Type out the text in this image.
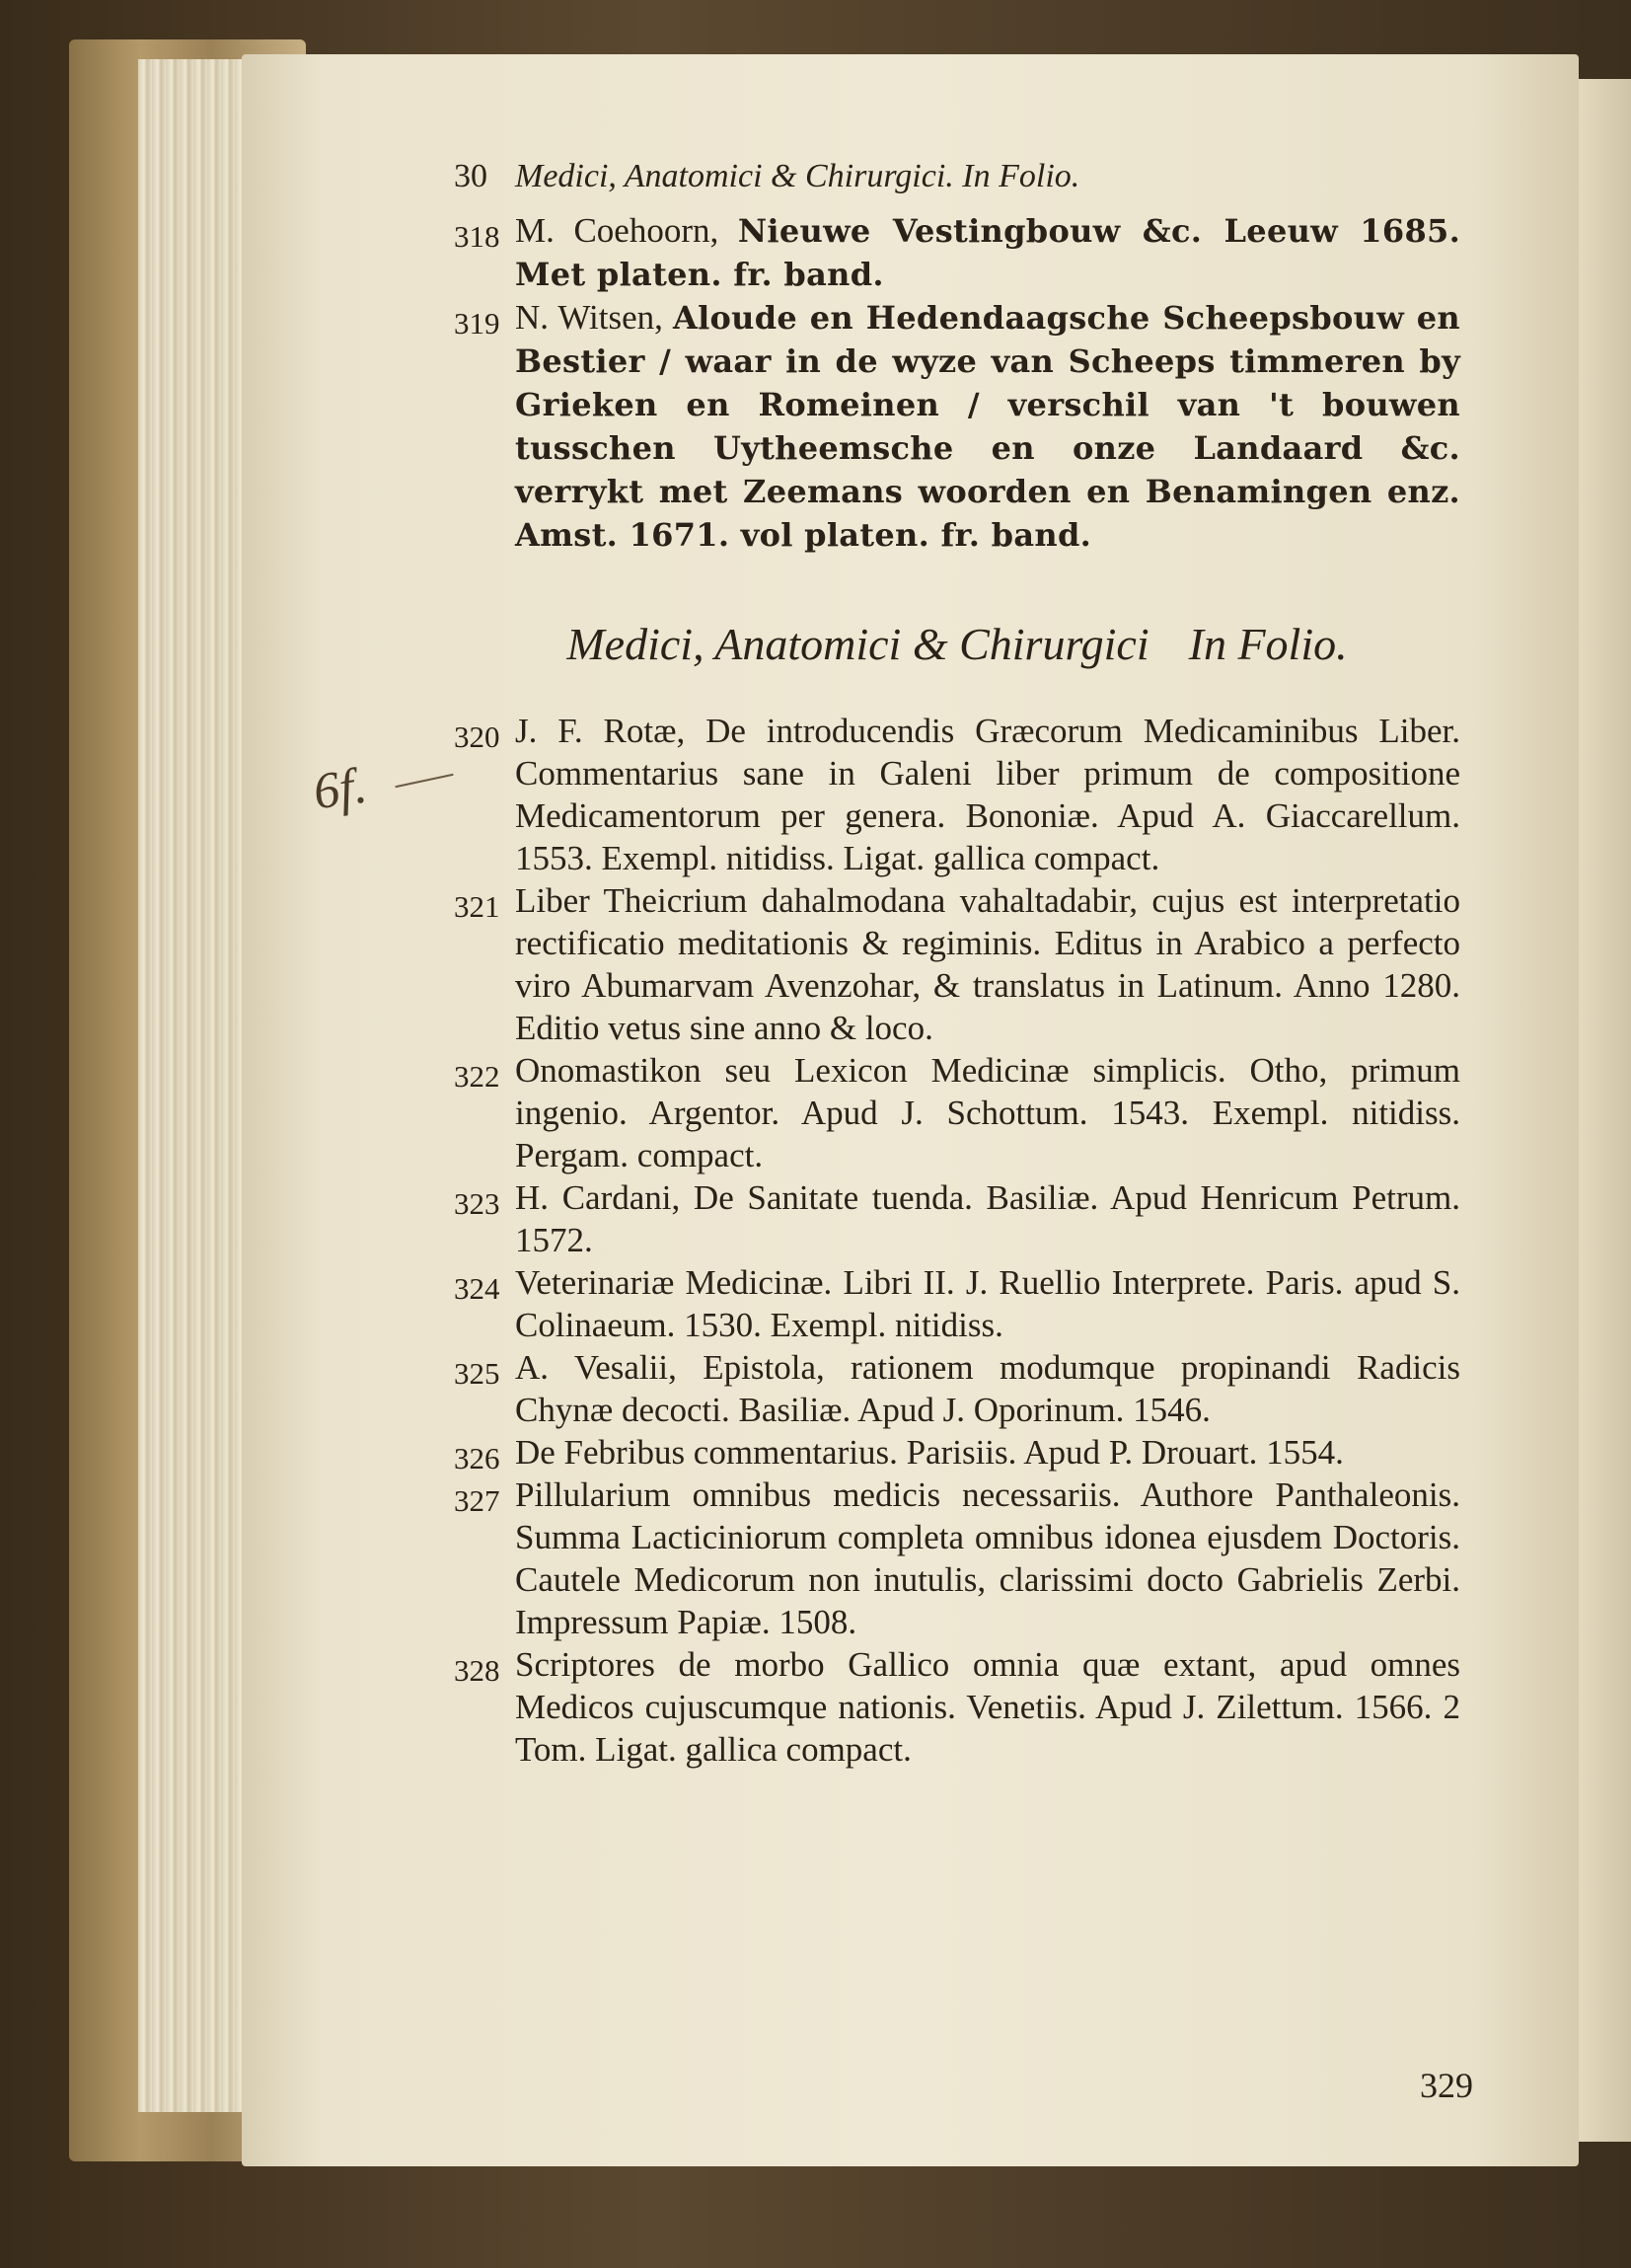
6f.
30 Medici, Anatomici & Chirurgici. In Folio.
318 M. Coehoorn, Nieuwe Vestingbouw &c. Leeuw 1685. Met platen. fr. band.
319 N. Witsen, Aloude en Hedendaagsche Scheepsbouw en Bestier / waar in de wyze van Scheeps timmeren by Grieken en Romeinen / verschil van 't bouwen tusschen Uytheemsche en onze Landaard &c. verrykt met Zeemans woorden en Benamingen enz. Amst. 1671. vol platen. fr. band.
Medici, Anatomici & Chirurgici In Folio.
320 J. F. Rotæ, De introducendis Græcorum Medicaminibus Liber. Commentarius sane in Galeni liber primum de compositione Medicamentorum per genera. Bononiæ. Apud A. Giaccarellum. 1553. Exempl. nitidiss. Ligat. gallica compact.
321 Liber Theicrium dahalmodana vahaltadabir, cujus est interpretatio rectificatio meditationis & regiminis. Editus in Arabico a perfecto viro Abumarvam Avenzohar, & translatus in Latinum. Anno 1280. Editio vetus sine anno & loco.
322 Onomastikon seu Lexicon Medicinæ simplicis. Otho, primum ingenio. Argentor. Apud J. Schottum. 1543. Exempl. nitidiss. Pergam. compact.
323 H. Cardani, De Sanitate tuenda. Basiliæ. Apud Henricum Petrum. 1572.
324 Veterinariæ Medicinæ. Libri II. J. Ruellio Interprete. Paris. apud S. Colinaeum. 1530. Exempl. nitidiss.
325 A. Vesalii, Epistola, rationem modumque propinandi Radicis Chynæ decocti. Basiliæ. Apud J. Oporinum. 1546.
326 De Febribus commentarius. Parisiis. Apud P. Drouart. 1554.
327 Pillularium omnibus medicis necessariis. Authore Panthaleonis. Summa Lacticiniorum completa omnibus idonea ejusdem Doctoris. Cautele Medicorum non inutulis, clarissimi docto Gabrielis Zerbi. Impressum Papiæ. 1508.
328 Scriptores de morbo Gallico omnia quæ extant, apud omnes Medicos cujuscumque nationis. Venetiis. Apud J. Zilettum. 1566. 2 Tom. Ligat. gallica compact.
329
